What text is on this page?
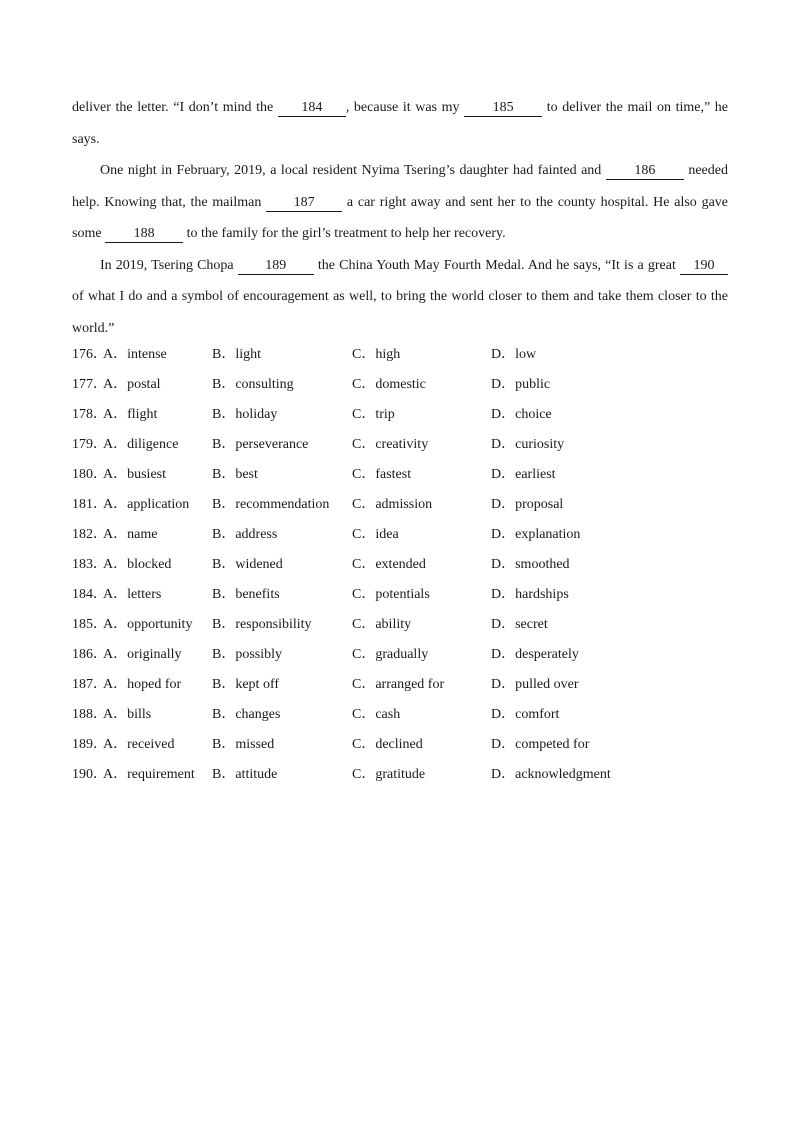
deliver the letter. “I don’t mind the 184 , because it was my 185 to deliver the mail on time,” he says.

One night in February, 2019, a local resident Nyima Tsering’s daughter had fainted and 186 needed help. Knowing that, the mailman 187 a car right away and sent her to the county hospital. He also gave some 188 to the family for the girl’s treatment to help her recovery.

In 2019, Tsering Chopa 189 the China Youth May Fourth Medal. And he says, “It is a great 190 of what I do and a symbol of encouragement as well, to bring the world closer to them and take them closer to the world.”

176．
A．intense	B．light	C．high	D．low
177．
A．postal	B．consulting	C．domestic	D．public
178．
A．flight	B．holiday	C．trip	D．choice
179．
A．diligence B．perseverance	C．creativity	D．curiosity
180．
A．busiest	B．best	C．fastest	D．earliest
181．
A．application B．recommendation C．admission	D．proposal
182．
A．name	B．address	C．idea	D．explanation
183．
A．blocked	B．widened	C．extended	D．smoothed
184．
A．letters	B．benefits	C．potentials	D．hardships
185．
A．opportunity B．responsibility	C．ability	D．secret
186．
A．originally B．possibly	C．gradually	D．desperately
187．
A．hoped for B．kept off	C．arranged for	D．pulled over
188．
A．bills	B．changes	C．cash	D．comfort
189．
A．received	B．missed	C．declined	D．competed for
190．
A．requirement B．attitude	C．gratitude	D．acknowledgment
